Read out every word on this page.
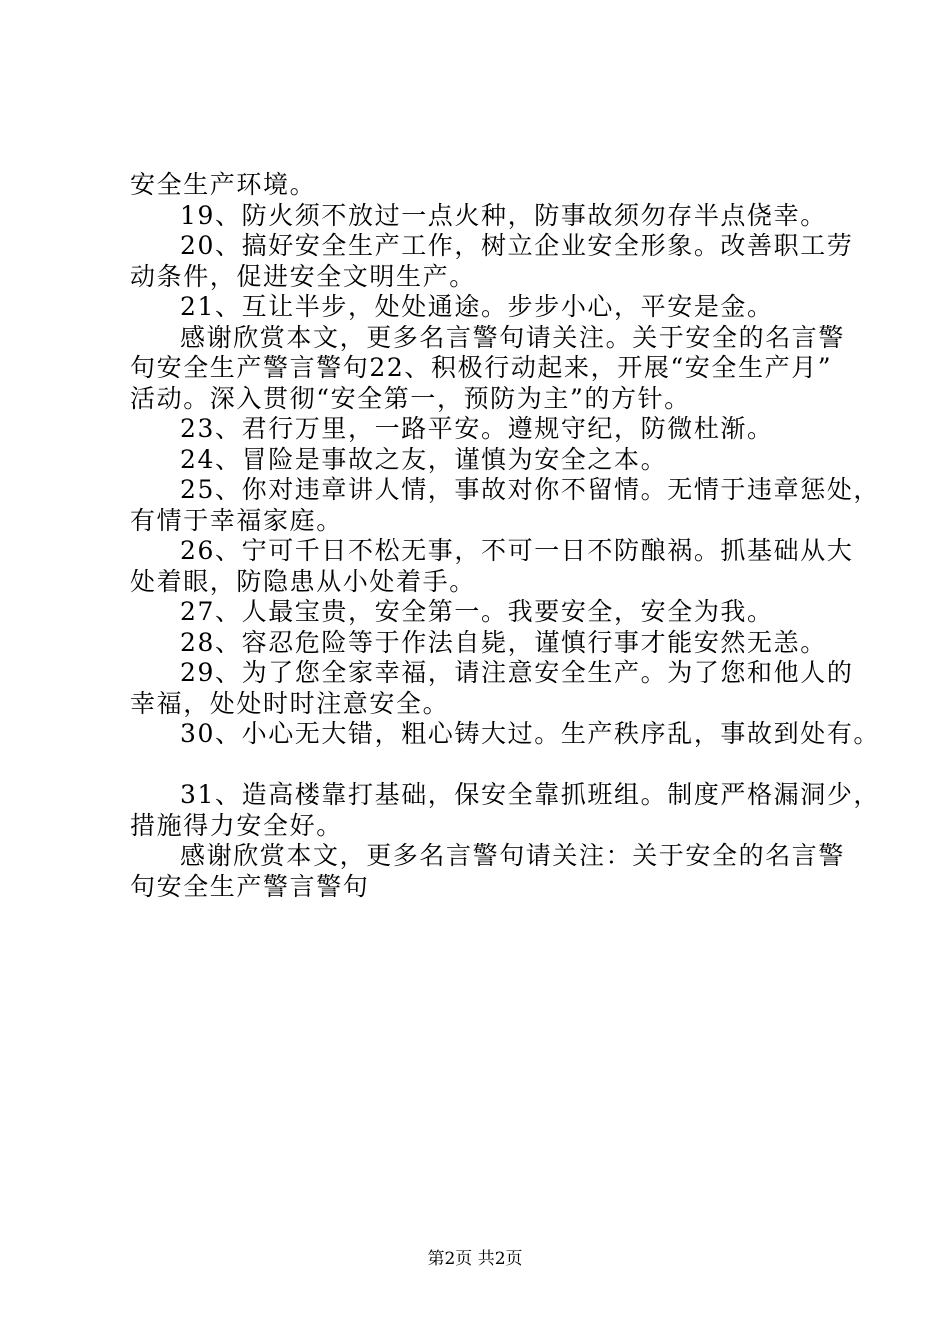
安全生产环境。
19、防火须不放过一点火种，防事故须勿存半点侥幸。
20、搞好安全生产工作，树立企业安全形象。改善职工劳
动条件，促进安全文明生产。
21、互让半步，处处通途。步步小心，平安是金。
感谢欣赏本文，更多名言警句请关注。关于安全的名言警
句安全生产警言警句22、积极行动起来，开展“安全生产月”
活动。深入贯彻“安全第一，预防为主”的方针。
23、君行万里，一路平安。遵规守纪，防微杜渐。
24、冒险是事故之友，谨慎为安全之本。
25、你对违章讲人情，事故对你不留情。无情于违章惩处，
有情于幸福家庭。
26、宁可千日不松无事，不可一日不防酿祸。抓基础从大
处着眼，防隐患从小处着手。
27、人最宝贵，安全第一。我要安全，安全为我。
28、容忍危险等于作法自毙，谨慎行事才能安然无恙。
29、为了您全家幸福，请注意安全生产。为了您和他人的
幸福，处处时时注意安全。
30、小心无大错，粗心铸大过。生产秩序乱，事故到处有。
31、造高楼靠打基础，保安全靠抓班组。制度严格漏洞少，
措施得力安全好。
感谢欣赏本文，更多名言警句请关注：关于安全的名言警
句安全生产警言警句
第2页 共2页
